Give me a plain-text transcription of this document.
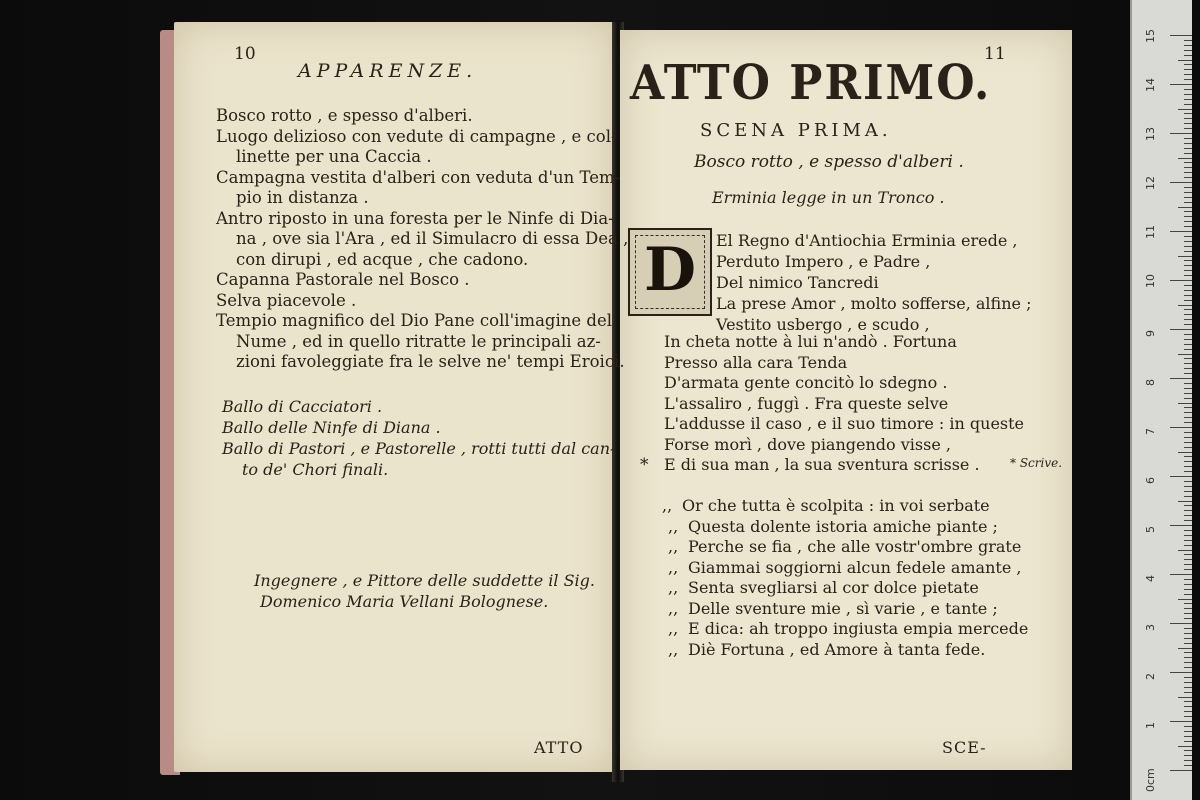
10
APPARENZE.
Bosco rotto , e spesso d'alberi.
Luogo delizioso con vedute di campagne , e col-
linette per una Caccia .
Campagna vestita d'alberi con veduta d'un Tem-
pio in distanza .
Antro riposto in una foresta per le Ninfe di Dia-
na , ove sia l'Ara , ed il Simulacro di essa Dea ,
con dirupi , ed acque , che cadono.
Capanna Pastorale nel Bosco .
Selva piacevole .
Tempio magnifico del Dio Pane coll'imagine del
Nume , ed in quello ritratte le principali az-
zioni favoleggiate fra le selve ne' tempi Eroici.
Ballo di Cacciatori .
Ballo delle Ninfe di Diana .
Ballo di Pastori , e Pastorelle , rotti tutti dal can-
to de' Chori finali.
Ingegnere , e Pittore delle suddette il Sig.
Domenico Maria Vellani Bolognese.
ATTO
11
ATTO PRIMO.
SCENA PRIMA.
Bosco rotto , e spesso d'alberi .
Erminia legge in un Tronco .
D	El Regno d'Antiochia Erminia erede ,
Perduto Impero , e Padre ,
Del nimico Tancredi
La prese Amor , molto sofferse, alfine ;
Vestito usbergo , e scudo ,
In cheta notte à lui n'andò . Fortuna
Presso alla cara Tenda
D'armata gente concitò lo sdegno .
L'assaliro , fuggì . Fra queste selve
L'addusse il caso , e il suo timore : in queste
Forse morì , dove piangendo visse ,
E di sua man , la sua sventura scrisse .
*	* Scrive.
,, Or che tutta è scolpita : in voi serbate
,, Questa dolente istoria amiche piante ;
,, Perche se fia , che alle vostr'ombre grate
,, Giammai soggiorni alcun fedele amante ,
,, Senta svegliarsi al cor dolce pietate
,, Delle sventure mie , sì varie , e tante ;
,, E dica: ah troppo ingiusta empia mercede
,, Diè Fortuna , ed Amore à tanta fede.
SCE-
0cm
1
2
3
4
5
6
7
8
9
10
11
12
13
14
15
